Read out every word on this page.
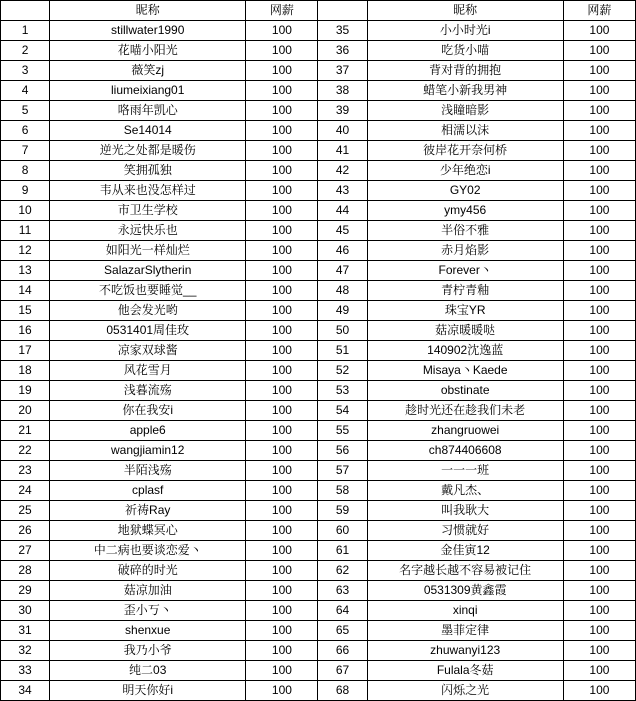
	昵称	网薪		昵称	网薪
1	stillwater1990	100	35	小小时光i	100
2	花喵小阳光	100	36	吃货小喵	100
3	薇笑zj	100	37	背对背的拥抱	100
4	liumeixiang01	100	38	蜡笔小新我男神	100
5	咯雨年凯心	100	39	浅瞳暗影	100
6	Se14014	100	40	相濡以沫	100
7	逆光之处都是暖伤	100	41	彼岸花开奈何桥	100
8	笑拥孤独	100	42	少年绝恋i	100
9	韦从来也没怎样过	100	43	GY02	100
10	市卫生学校	100	44	ymy456	100
11	永远快乐也	100	45	半俗不雅	100
12	如阳光一样灿烂	100	46	赤月焰影	100
13	SalazarSlytherin	100	47	Forever丶	100
14	不吃饭也要睡觉__	100	48	青柠青釉	100
15	他会发光哟	100	49	珠宝YR	100
16	0531401周佳玫	100	50	菇凉暖暖哒	100
17	凉家双球酱	100	51	140902沈逸蓝	100
18	风花雪月	100	52	Misaya丶Kaede	100
19	浅暮流殇	100	53	obstinate	100
20	你在我安i	100	54	趁时光还在趁我们未老	100
21	apple6	100	55	zhangruowei	100
22	wangjiamin12	100	56	ch874406608	100
23	半陌浅殇	100	57	一一一班	100
24	cplasf	100	58	戴凡杰、	100
25	祈祷Ray	100	59	叫我耿大	100
26	地狱蝶冥心	100	60	习惯就好	100
27	中二病也要谈恋爱丶	100	61	金佳寅12	100
28	破碎的时光	100	62	名字越长越不容易被记住	100
29	菇凉加油	100	63	0531309黄鑫霞	100
30	歪小丂丶	100	64	xinqi	100
31	shenxue	100	65	墨菲定律	100
32	我乃小爷	100	66	zhuwanyi123	100
33	纯二03	100	67	Fulala冬菇	100
34	明天你好i	100	68	闪烁之光	100
